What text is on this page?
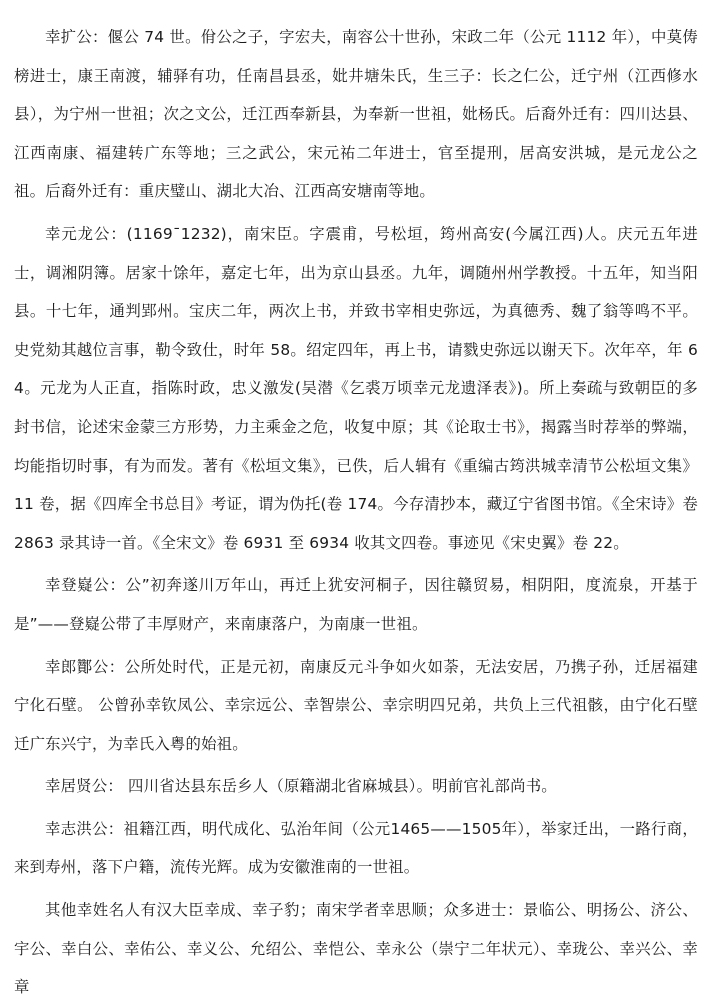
幸扩公：偃公 74 世。佾公之子，字宏夫，南容公十世孙，宋政二年（公元 1112 年），中莫俦榜进士，康王南渡，辅驿有功，任南昌县丞，妣井塘朱氏，生三子：长之仁公，迁宁州（江西修水县），为宁州一世祖；次之文公，迁江西奉新县，为奉新一世祖，妣杨氏。后裔外迁有：四川达县、江西南康、福建转广东等地；三之武公，宋元祐二年进士，官至提刑，居高安洪城，是元龙公之祖。后裔外迁有：重庆璧山、湖北大冶、江西高安塘南等地。

幸元龙公：(1169¯1232)，南宋臣。字震甫，号松垣，筠州高安(今属江西)人。庆元五年进士，调湘阴簿。居家十馀年，嘉定七年，出为京山县丞。九年，调随州州学教授。十五年，知当阳县。十七年，通判郢州。宝庆二年，两次上书，并致书宰相史弥远，为真德秀、魏了翁等鸣不平。史党劾其越位言事，勒令致仕，时年 58。绍定四年，再上书，请戮史弥远以谢天下。次年卒，年 64。元龙为人正直，指陈时政，忠义激发(吴潜《乞裘万顷幸元龙遗泽表》)。所上奏疏与致朝臣的多封书信，论述宋金蒙三方形势，力主乘金之危，收复中原；其《论取士书》，揭露当时荐举的弊端，均能指切时事，有为而发。著有《松垣文集》，已佚，后人辑有《重编古筠洪城幸清节公松垣文集》11 卷，据《四库全书总目》考证，谓为伪托(卷 174。今存清抄本，藏辽宁省图书馆。《全宋诗》卷 2863 录其诗一首。《全宋文》卷 6931 至 6934 收其文四卷。事迹见《宋史翼》卷 22。

幸登嶷公：公”初奔遂川万年山，再迁上犹安河桐子，因往赣贸易，相阴阳，度流泉，开基于是”——登嶷公带了丰厚财产，来南康落户，为南康一世祖。

幸郎酇公：公所处时代，正是元初，南康反元斗争如火如荼，无法安居，乃携子孙，迁居福建宁化石壁。 公曾孙幸钦凤公、幸宗远公、幸智崇公、幸宗明四兄弟，共负上三代祖骸，由宁化石壁迁广东兴宁，为幸氏入粤的始祖。

幸居贤公： 四川省达县东岳乡人（原籍湖北省麻城县）。明前官礼部尚书。

幸志洪公：祖籍江西，明代成化、弘治年间（公元1465——1505年），举家迁出，一路行商，来到寿州，落下户籍，流传光辉。成为安徽淮南的一世祖。

其他幸姓名人有汉大臣幸成、幸子豹；南宋学者幸思顺；众多进士：景临公、明扬公、济公、宇公、幸白公、幸佑公、幸义公、允绍公、幸恺公、幸永公（崇宁二年状元）、幸珑公、幸兴公、幸章
